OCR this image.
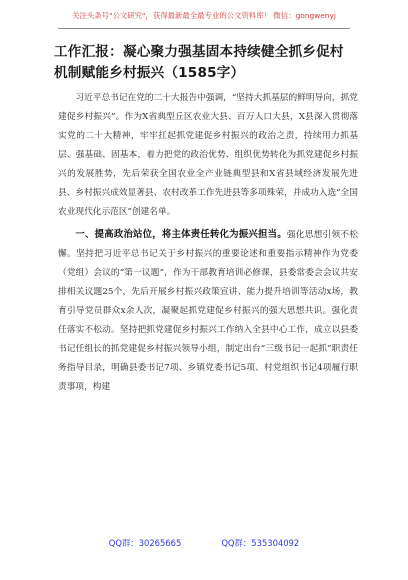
关注头条号"公文研究"，获得最新最全最专业的公文资料库！ 微信：gongwenyj
工作汇报：凝心聚力强基固本持续健全抓乡促村机制赋能乡村振兴（1585字）

习近平总书记在党的二十大报告中强调，“坚持大抓基层的鲜明导向，抓党建促乡村振兴”。作为X省典型丘区农业大县、百万人口大县，X县深入贯彻落实党的二十大精神，牢牢扛起抓党建促乡村振兴的政治之责，持续用力抓基层、强基础、固基本，着力把党的政治优势、组织优势转化为抓党建促乡村振兴的发展胜势，先后荣获全国农业全产业链典型县和X省县域经济发展先进县、乡村振兴成效显著县、农村改革工作先进县等多项殊荣，并成功入选“全国农业现代化示范区”创建名单。

一、提高政治站位，将主体责任转化为振兴担当。强化思想引领不松懈。坚持把习近平总书记关于乡村振兴的重要论述和重要指示精神作为党委（党组）会议的“第一议题”，作为干部教育培训必修课，县委常委会会议共安排相关议题25个，先后开展乡村振兴政策宣讲、能力提升培训等活动x场，教育引导党员群众x余人次，凝聚起抓党建促乡村振兴的强大思想共识。强化责任落实不松动。坚持把抓党建促乡村振兴工作纳入全县中心工作，成立以县委书记任组长的抓党建促乡村振兴领导小组，制定出台“三级书记一起抓”职责任务指导目录，明确县委书记7项、乡镇党委书记5项、村党组织书记4项履行职责事项，构建

QQ群：30265665	QQ群：535304092
